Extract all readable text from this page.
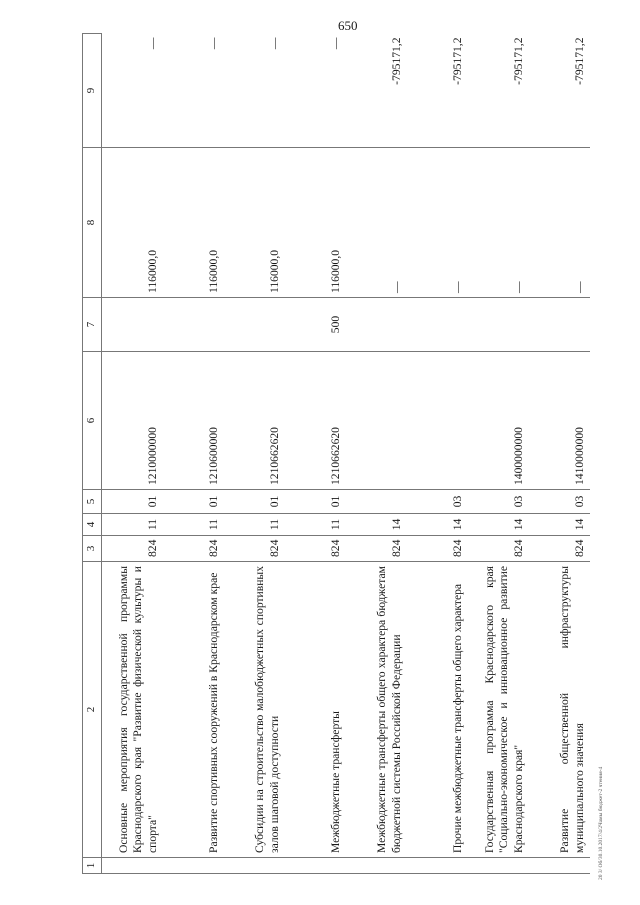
650
1	2	3	4	5	6	7	8	9
	Основные мероприятия государственной программы Краснодарского края "Развитие физической культуры и спорта"	824	11	01	1210000000		116000,0	—
	Развитие спортивных сооружений в Краснодарском крае	824	11	01	1210600000		116000,0	—
	Субсидии на строительство малобюджетных спортивных залов шаговой доступности	824	11	01	1210662620		116000,0	—
	Межбюджетные трансферты	824	11	01	1210662620	500	116000,0	—
	Межбюджетные трансферты общего характера бюджетам бюджетной системы Российской Федерации	824	14				—	-795171,2
	Прочие межбюджетные трансферты общего характера	824	14	03			—	-795171,2
	Государственная программа Краснодарского края "Социально-экономическое и инновационное развитие Краснодарского края"	824	14	03	1400000000		—	-795171,2
	Развитие общественной инфраструктуры муниципального значения	824	14	03	1410000000		—	-795171,2
20 3/ Об/30.10.2017/4/2Чамы бюджет-2 чтения-4
